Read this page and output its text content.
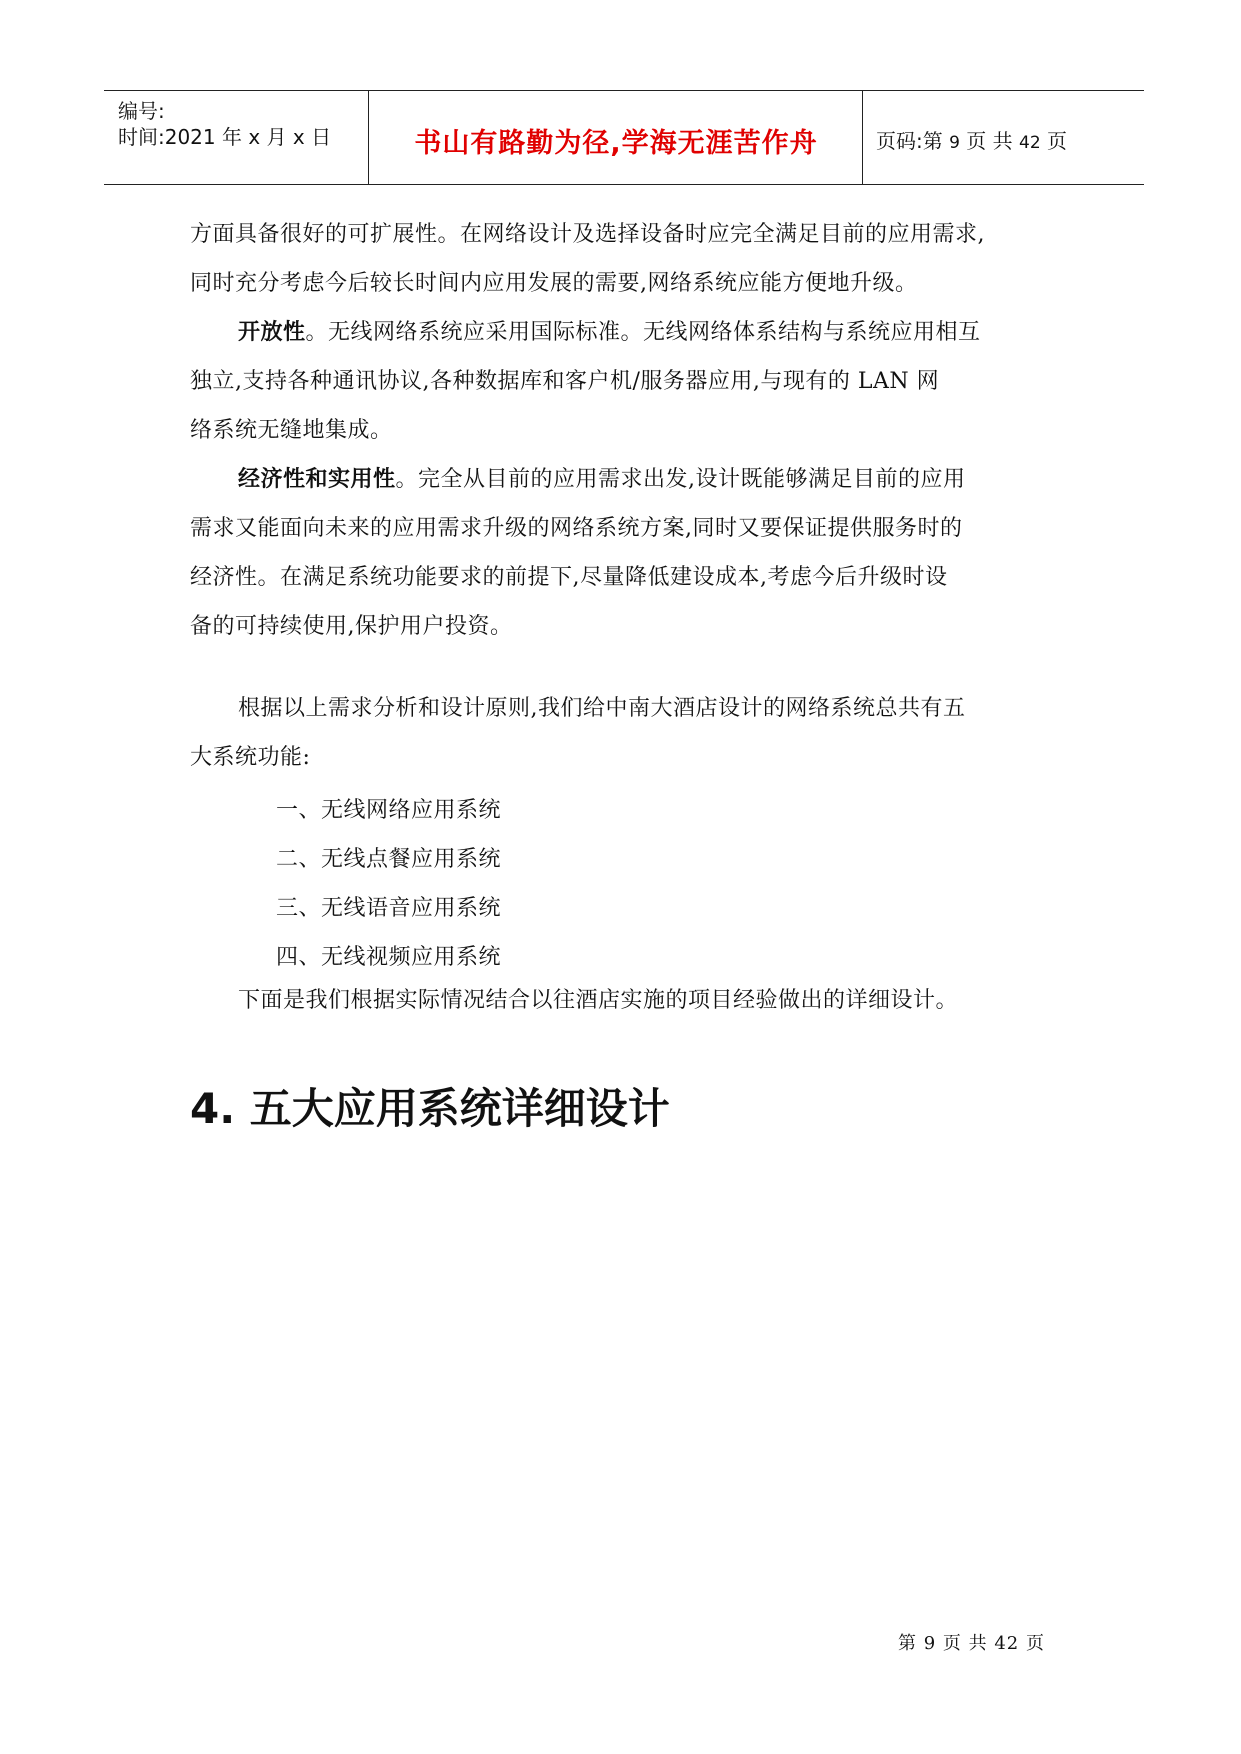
编号:
时间:2021 年 x 月 x 日	书山有路勤为径,学海无涯苦作舟	页码:第 9 页 共 42 页
方面具备很好的可扩展性。在网络设计及选择设备时应完全满足目前的应用需求,
同时充分考虑今后较长时间内应用发展的需要,网络系统应能方便地升级。
开放性。无线网络系统应采用国际标准。无线网络体系结构与系统应用相互
独立,支持各种通讯协议,各种数据库和客户机/服务器应用,与现有的 LAN 网
络系统无缝地集成。
经济性和实用性。完全从目前的应用需求出发,设计既能够满足目前的应用
需求又能面向未来的应用需求升级的网络系统方案,同时又要保证提供服务时的
经济性。在满足系统功能要求的前提下,尽量降低建设成本,考虑今后升级时设
备的可持续使用,保护用户投资。
根据以上需求分析和设计原则,我们给中南大酒店设计的网络系统总共有五
大系统功能:
一、无线网络应用系统
二、无线点餐应用系统
三、无线语音应用系统
四、无线视频应用系统
下面是我们根据实际情况结合以往酒店实施的项目经验做出的详细设计。
4. 五大应用系统详细设计
第 9 页 共 42 页
